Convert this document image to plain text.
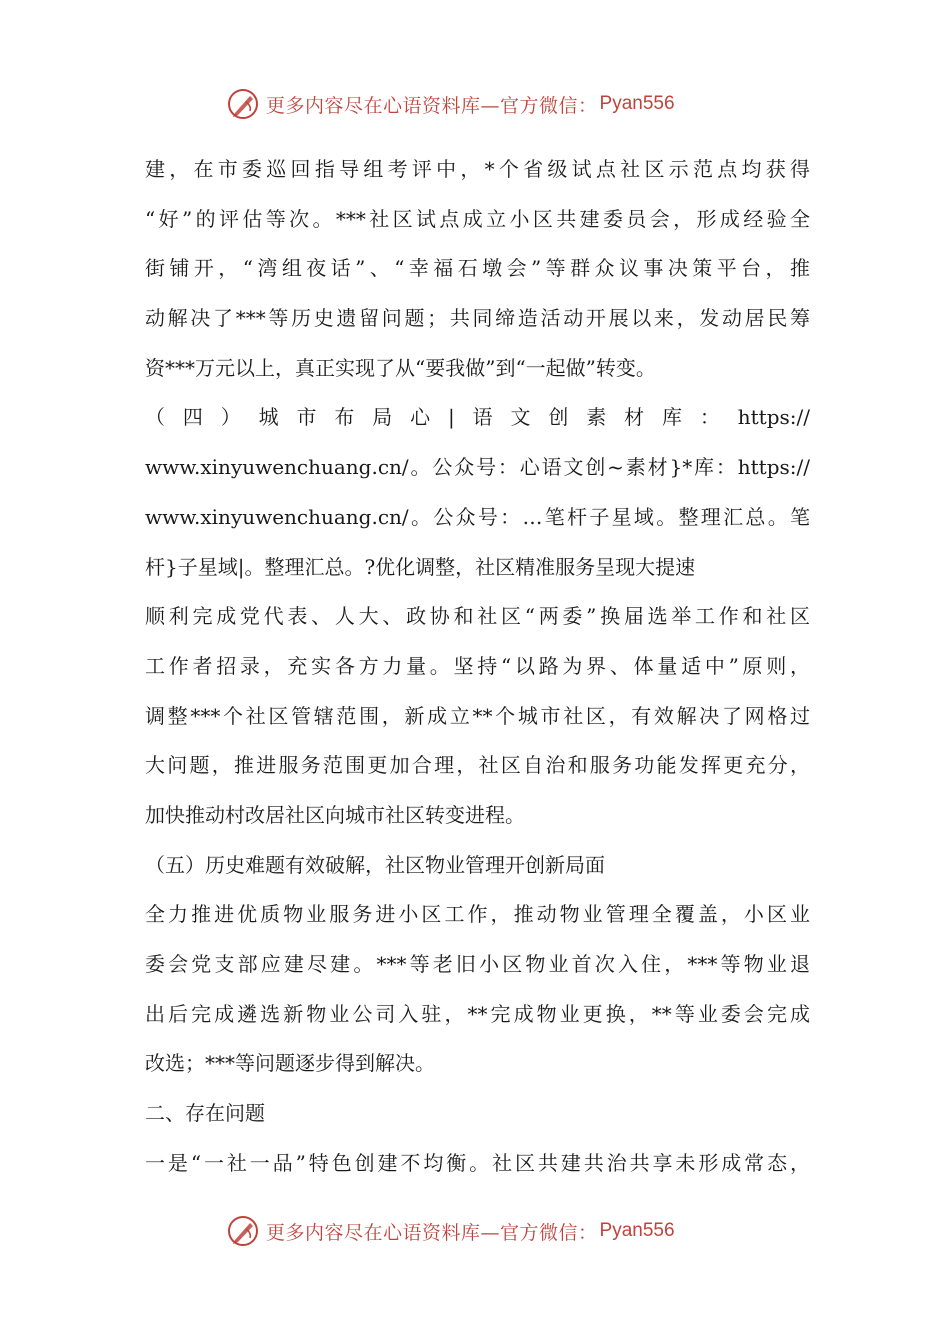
更多内容尽在心语资料库—官方微信： Pyan556
建，在市委巡回指导组考评中，*个省级试点社区示范点均获得
“好”的评估等次。***社区试点成立小区共建委员会，形成经验全
街铺开，“湾组夜话”、“幸福石墩会”等群众议事决策平台，推
动解决了***等历史遗留问题；共同缔造活动开展以来，发动居民筹
资***万元以上，真正实现了从“要我做”到“一起做”转变。
（四）城市布局心|语文创素材库：https://
www.xinyuwenchuang.cn/。公众号：心语文创~素材}*库：https://
www.xinyuwenchuang.cn/。公众号：…笔杆子星域。整理汇总。笔
杆}子星域|。整理汇总。?优化调整，社区精准服务呈现大提速
顺利完成党代表、人大、政协和社区“两委”换届选举工作和社区
工作者招录，充实各方力量。坚持“以路为界、体量适中”原则，
调整***个社区管辖范围，新成立**个城市社区，有效解决了网格过
大问题，推进服务范围更加合理，社区自治和服务功能发挥更充分，
加快推动村改居社区向城市社区转变进程。
（五）历史难题有效破解，社区物业管理开创新局面
全力推进优质物业服务进小区工作，推动物业管理全覆盖，小区业
委会党支部应建尽建。***等老旧小区物业首次入住，***等物业退
出后完成遴选新物业公司入驻，**完成物业更换，**等业委会完成
改选；***等问题逐步得到解决。
二、存在问题
一是“一社一品”特色创建不均衡。社区共建共治共享未形成常态，
更多内容尽在心语资料库—官方微信： Pyan556
